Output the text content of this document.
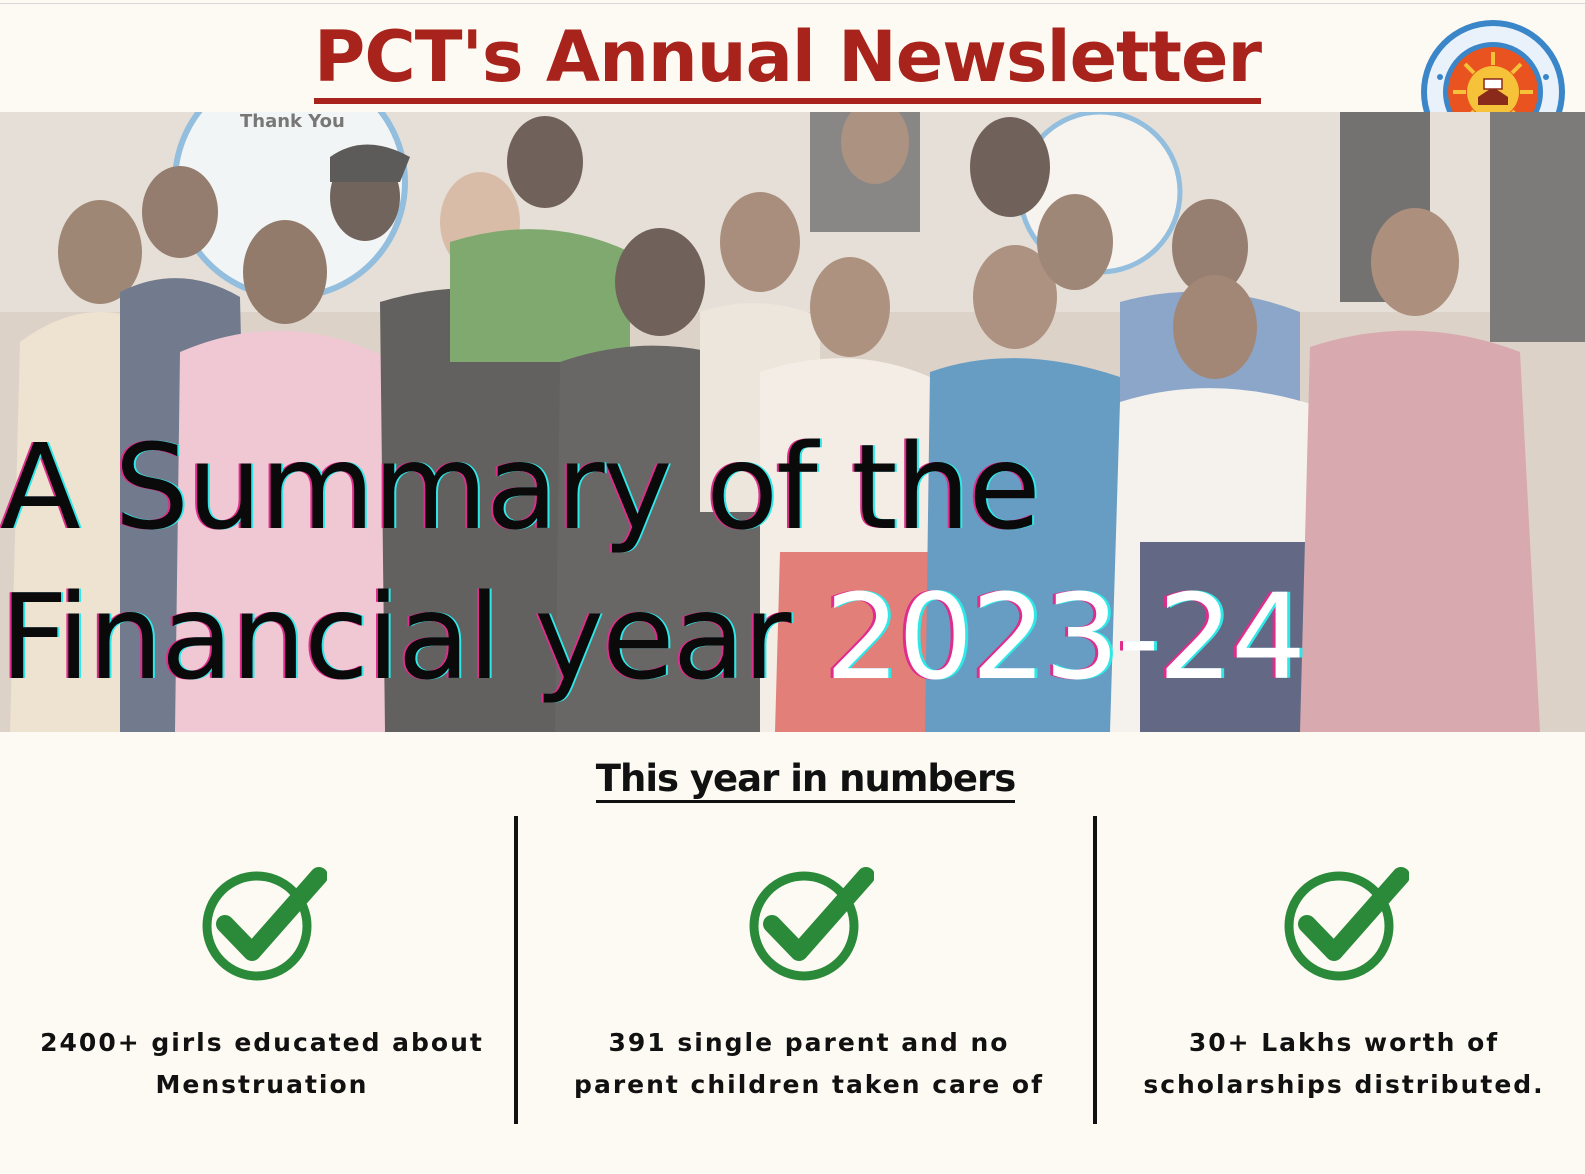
PCT's Annual Newsletter
Thank You
A Summary of the
Financial year 2023-24
This year in numbers
2400+ girls educated about
Menstruation
391 single parent and no
parent children taken care of
30+ Lakhs worth of
scholarships distributed.
